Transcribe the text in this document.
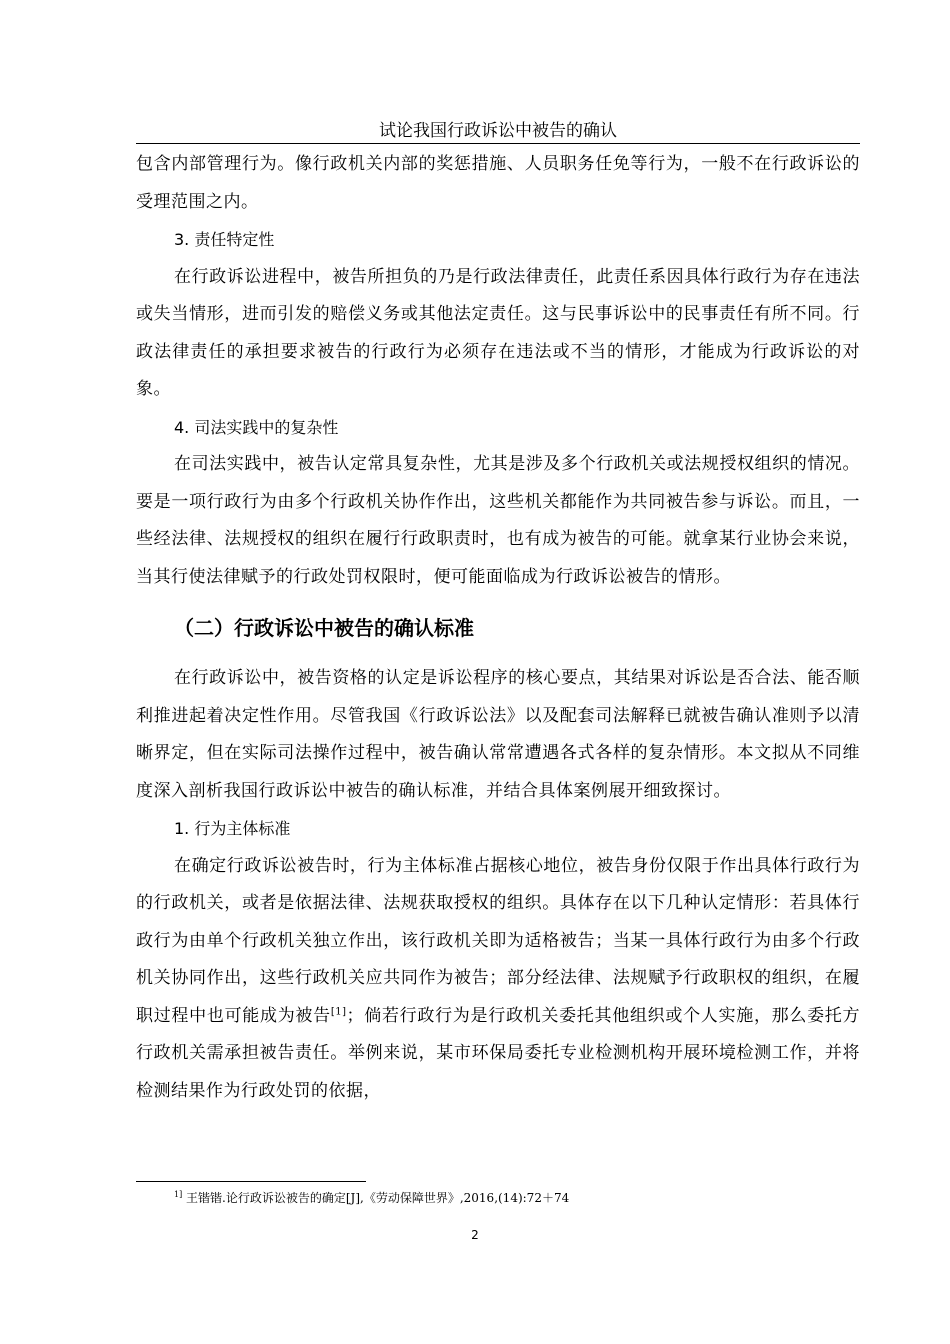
试论我国行政诉讼中被告的确认

包含内部管理行为。像行政机关内部的奖惩措施、人员职务任免等行为，一般不在行政诉讼的受理范围之内。

3. 责任特定性

在行政诉讼进程中，被告所担负的乃是行政法律责任，此责任系因具体行政行为存在违法或失当情形，进而引发的赔偿义务或其他法定责任。这与民事诉讼中的民事责任有所不同。行政法律责任的承担要求被告的行政行为必须存在违法或不当的情形，才能成为行政诉讼的对象。

4. 司法实践中的复杂性

在司法实践中，被告认定常具复杂性，尤其是涉及多个行政机关或法规授权组织的情况。要是一项行政行为由多个行政机关协作作出，这些机关都能作为共同被告参与诉讼。而且，一些经法律、法规授权的组织在履行行政职责时，也有成为被告的可能。就拿某行业协会来说，当其行使法律赋予的行政处罚权限时，便可能面临成为行政诉讼被告的情形。

（二）行政诉讼中被告的确认标准

在行政诉讼中，被告资格的认定是诉讼程序的核心要点，其结果对诉讼是否合法、能否顺利推进起着决定性作用。尽管我国《行政诉讼法》以及配套司法解释已就被告确认准则予以清晰界定，但在实际司法操作过程中，被告确认常常遭遇各式各样的复杂情形。本文拟从不同维度深入剖析我国行政诉讼中被告的确认标准，并结合具体案例展开细致探讨。

1. 行为主体标准

在确定行政诉讼被告时，行为主体标准占据核心地位，被告身份仅限于作出具体行政行为的行政机关，或者是依据法律、法规获取授权的组织。具体存在以下几种认定情形：若具体行政行为由单个行政机关独立作出，该行政机关即为适格被告；当某一具体行政行为由多个行政机关协同作出，这些行政机关应共同作为被告；部分经法律、法规赋予行政职权的组织，在履职过程中也可能成为被告[1]；倘若行政行为是行政机关委托其他组织或个人实施，那么委托方行政机关需承担被告责任。举例来说，某市环保局委托专业检测机构开展环境检测工作，并将检测结果作为行政处罚的依据，

$^{1]}$ 王锴锴.论行政诉讼被告的确定[J],《劳动保障世界》,2016,(14):72＋74
2
